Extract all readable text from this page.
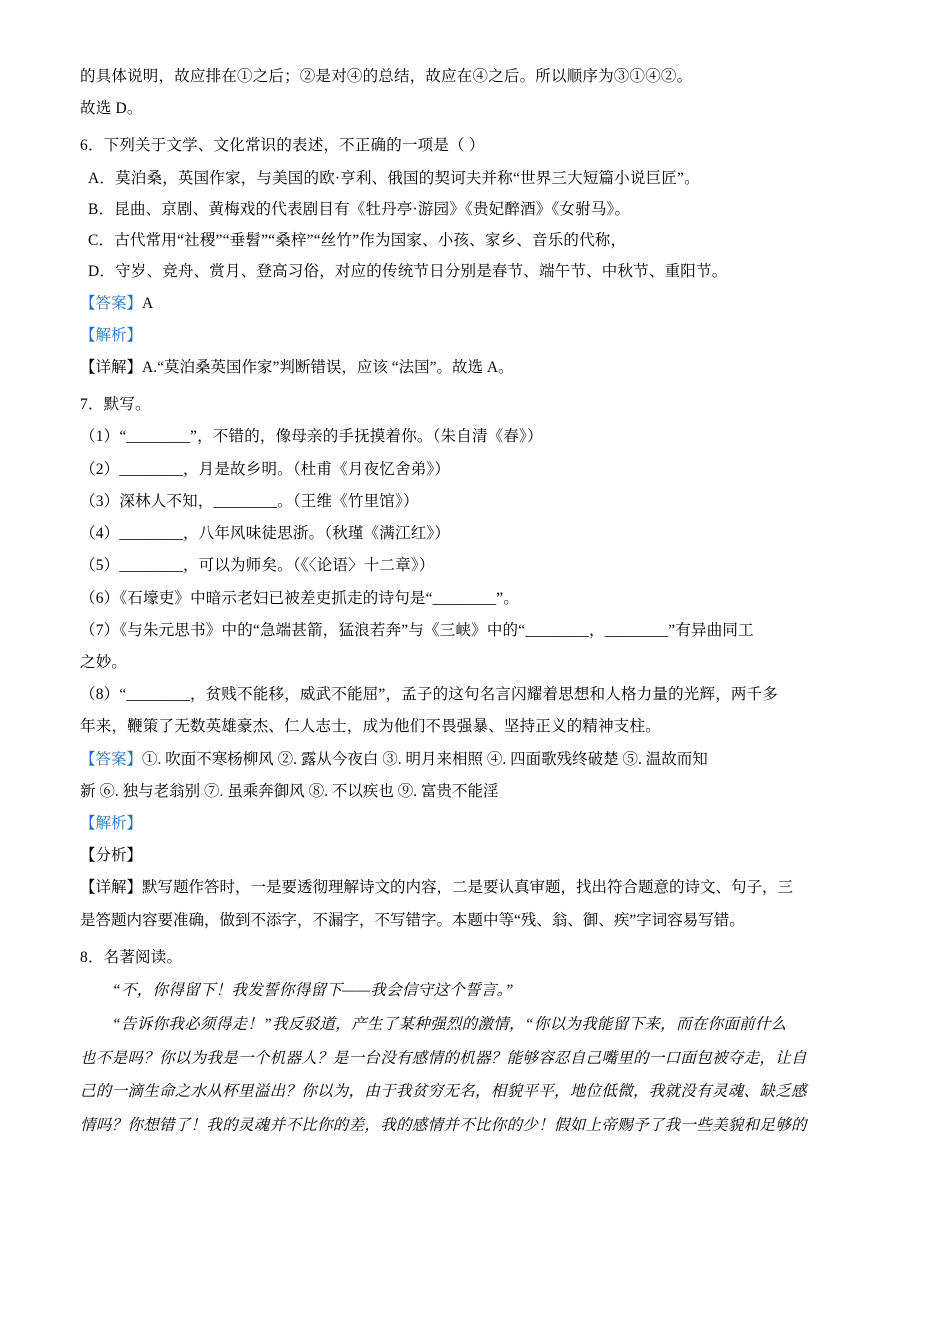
的具体说明，故应排在①之后；②是对④的总结，故应在④之后。所以顺序为③①④②。

故选 D。

6．下列关于文学、文化常识的表述，不正确的一项是（ ）

A．莫泊桑，英国作家，与美国的欧·亨利、俄国的契诃夫并称“世界三大短篇小说巨匠”。

B．昆曲、京剧、黄梅戏的代表剧目有《牡丹亭·游园》《贵妃醉酒》《女驸马》。

C．古代常用“社稷”“垂髫”“桑梓”“丝竹”作为国家、小孩、家乡、音乐的代称，

D．守岁、竞舟、赏月、登高习俗，对应的传统节日分别是春节、端午节、中秋节、重阳节。

【答案】A

【解析】

【详解】A.“莫泊桑英国作家”判断错误，应该 “法国”。故选 A。

7．默写。

（1）“________”，不错的，像母亲的手抚摸着你。（朱自清《春》）

（2）________，月是故乡明。（杜甫《月夜忆舍弟》）

（3）深林人不知，________。（王维《竹里馆》）

（4）________，八年风味徒思浙。（秋瑾《满江红》）

（5）________，可以为师矣。（《〈论语〉十二章》）

（6）《石壕吏》中暗示老妇已被差吏抓走的诗句是“________”。

（7）《与朱元思书》中的“急端甚箭，猛浪若奔”与《三峡》中的“________，________”有异曲同工

之妙。

（8）“________，贫贱不能移，威武不能屈”，孟子的这句名言闪耀着思想和人格力量的光辉，两千多

年来，鞭策了无数英雄豪杰、仁人志士，成为他们不畏强暴、坚持正义的精神支柱。

【答案】①. 吹面不寒杨柳风 ②. 露从今夜白 ③. 明月来相照 ④. 四面歌残终破楚 ⑤. 温故而知

新 ⑥. 独与老翁别 ⑦. 虽乘奔御风 ⑧. 不以疾也 ⑨. 富贵不能淫

【解析】

【分析】

【详解】默写题作答时，一是要透彻理解诗文的内容，二是要认真审题，找出符合题意的诗文、句子，三

是答题内容要准确，做到不添字，不漏字，不写错字。本题中等“残、翁、御、疾”字词容易写错。

8．名著阅读。

“不，你得留下！我发誓你得留下——我会信守这个誓言。”

“告诉你我必须得走！”我反驳道，产生了某种强烈的激情，“你以为我能留下来，而在你面前什么

也不是吗？你以为我是一个机器人？是一台没有感情的机器？能够容忍自己嘴里的一口面包被夺走，让自

己的一滴生命之水从杯里溢出？你以为，由于我贫穷无名，相貌平平，地位低微，我就没有灵魂、缺乏感

情吗？你想错了！我的灵魂并不比你的差，我的感情并不比你的少！假如上帝赐予了我一些美貌和足够的
